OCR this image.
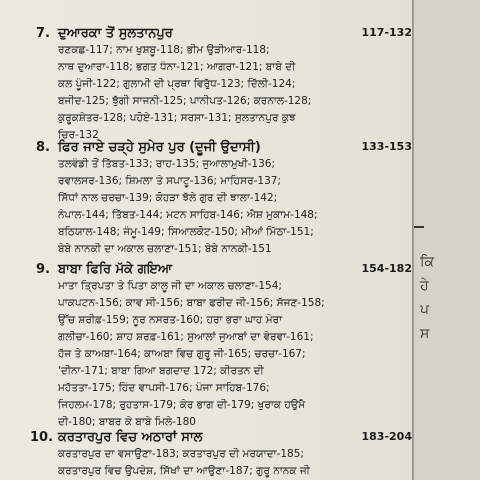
7. ਦੁਆਰਕਾ ਤੋਂ ਸੁਲਤਾਨਪੁਰ	117-132
ਰਣਕਛ-117; ਨਾਮ ਖੁਸ਼ਬੂ-118; ਭੀਮ ਉੜੀਆਰ-118;
ਨਾਥ ਦੁਆਰਾ-118; ਭਗਤ ਧੰਨਾ-121; ਆਗਰਾ-121; ਬਾਬੇ ਦੀ
ਕਲ ਪੂੰਜੀ-122; ਗੁਲਾਮੀ ਦੀ ਪ੍ਰਥਾ ਵਿਰੁੱਧ-123; ਦਿੱਲੀ-124;
ਬਜੀਦ-125; ਝੁੱਗੀ ਸਾਜਨੀ-125; ਪਾਨੀਪਤ-126; ਕਰਨਾਲ-128;
ਕੁਰੂਕਸ਼ੇਤਰ-128; ਪਹੋਏ-131; ਸਰਸਾ-131; ਸੁਲਤਾਨਪੁਰ ਕੁਝ
ਚਿਰ-132
8. ਫਿਰ ਜਾਏ ਚੜ੍ਹੇ ਸੁਮੇਰ ਪੁਰ (ਦੂਜੀ ਉਦਾਸੀ)	133-153
ਤਲਵੰਡੀ ਤੋਂ ਤਿੱਬਤ-133; ਰਾਹ-135; ਜੁਆਲਾਮੁਖੀ-136;
ਰਵਾਲਸਰ-136; ਸ਼ਿਮਲਾ ਤੇ ਸਪਾਟੂ-136; ਮਾਹਿਸਰ-137;
ਸਿੱਧਾਂ ਨਾਲ ਚਰਚਾ-139; ਕੋਹੜਾ ਝੱਲੇ ਗੁਰ ਦੀ ਝਾਲਾ-142;
ਨੇਪਾਲ-144; ਤਿੱਬਤ-144; ਮਟਨ ਸਾਹਿਬ-146; ਐਸ਼ ਮੁਕਾਮ-148;
ਬਠਿਯਾਲ-148; ਜੰਮੂ-149; ਸਿਆਲਕੋਟ-150; ਮੀਆਂ ਮਿੱਠਾ-151;
ਬੇਬੇ ਨਾਨਕੀ ਦਾ ਅਕਾਲ ਚਲਾਣਾ-151; ਬੇਬੇ ਨਾਨਕੀ-151
9. ਬਾਬਾ ਫਿਰਿ ਮੱਕੇ ਗਇਆ	154-182
ਮਾਤਾ ਤ੍ਰਿਪਤਾ ਤੇ ਪਿਤਾ ਕਾਲੂ ਜੀ ਦਾ ਅਕਾਲ ਚਲਾਣਾ-154;
ਪਾਕਪਟਨ-156; ਕਾਵ ਸੀ-156; ਬਾਬਾ ਫਰੀਦ ਜੀ-156; ਸੱਜਣ-158;
ਉੱਚ ਸ਼ਰੀਫ਼-159; ਨੂਰ ਨਸਰਤ-160; ਹਰਾ ਭਰਾ ਘਾਹ ਮੇਰਾ
ਗਲੀਚਾ-160; ਸ਼ਾਹ ਸ਼ਰਫ਼-161; ਸੁਆਲਾਂ ਜੁਆਬਾਂ ਦਾ ਵੇਰਵਾ-161;
ਹੱਜ ਤੇ ਕਾਅਬਾ-164; ਕਾਅਬਾ ਵਿਚ ਗੁਰੂ ਜੀ-165; ਚਰਚਾ-167;
'ਦੀਨਾ-171; ਬਾਬਾ ਗਿਆ ਬਗਦਾਦ 172; ਕੀਰਤਨ ਦੀ
ਮਹੱਤਤਾ-175; ਹਿੰਦ ਵਾਪਸੀ-176; ਪੰਜਾ ਸਾਹਿਬ-176;
ਜਿਹਲਮ-178; ਰੁਹਤਾਸ-179; ਕੇਰ ਭਾਗ ਦੀ-179; ਖੁਰਾਕ ਹਉਮੈ
ਦੀ-180; ਬਾਬਰ ਕੇ ਬਾਬੇ ਮਿਲੇ-180
10. ਕਰਤਾਰਪੁਰ ਵਿਚ ਅਠਾਰਾਂ ਸਾਲ	183-204
ਕਰਤਾਰਪੁਰ ਦਾ ਵਸਾਉਣਾ-183; ਕਰਤਾਰਪੁਰ ਦੀ ਮਰਯਾਦਾ-185;
ਕਰਤਾਰਪੁਰ ਵਿਚ ਉਪਦੇਸ਼, ਸਿੱਖਾਂ ਦਾ ਆਉਣਾ-187; ਗੁਰੂ ਨਾਨਕ ਜੀ
ਕਿ
ਹੇ
ਪ
ਸ
